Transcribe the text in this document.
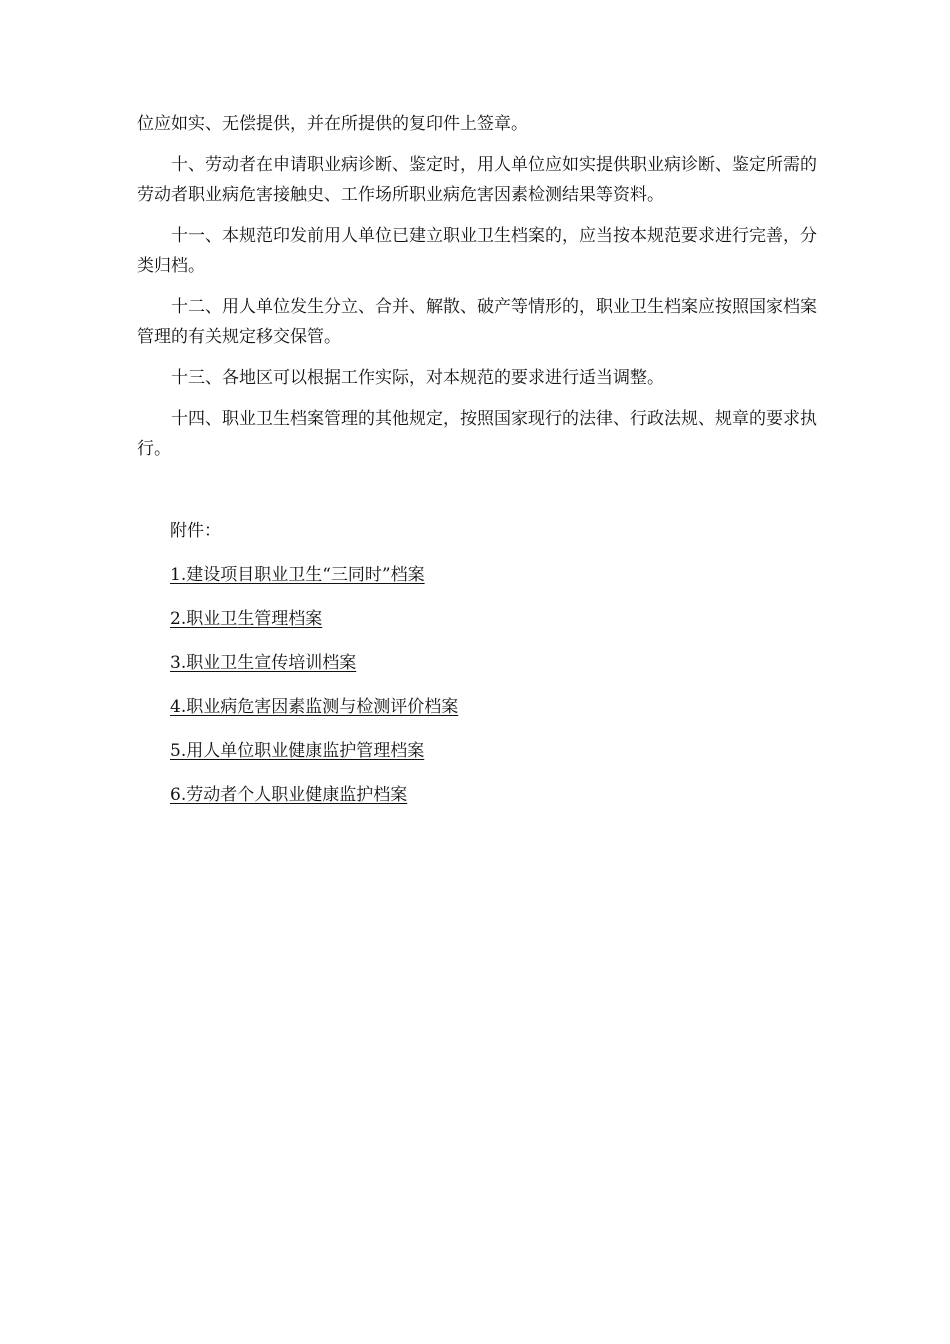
位应如实、无偿提供，并在所提供的复印件上签章。

十、劳动者在申请职业病诊断、鉴定时，用人单位应如实提供职业病诊断、鉴定所需的劳动者职业病危害接触史、工作场所职业病危害因素检测结果等资料。

十一、本规范印发前用人单位已建立职业卫生档案的，应当按本规范要求进行完善，分类归档。

十二、用人单位发生分立、合并、解散、破产等情形的，职业卫生档案应按照国家档案管理的有关规定移交保管。

十三、各地区可以根据工作实际，对本规范的要求进行适当调整。

十四、职业卫生档案管理的其他规定，按照国家现行的法律、行政法规、规章的要求执行。

附件：

1.建设项目职业卫生“三同时”档案
2.职业卫生管理档案
3.职业卫生宣传培训档案
4.职业病危害因素监测与检测评价档案
5.用人单位职业健康监护管理档案
6.劳动者个人职业健康监护档案
